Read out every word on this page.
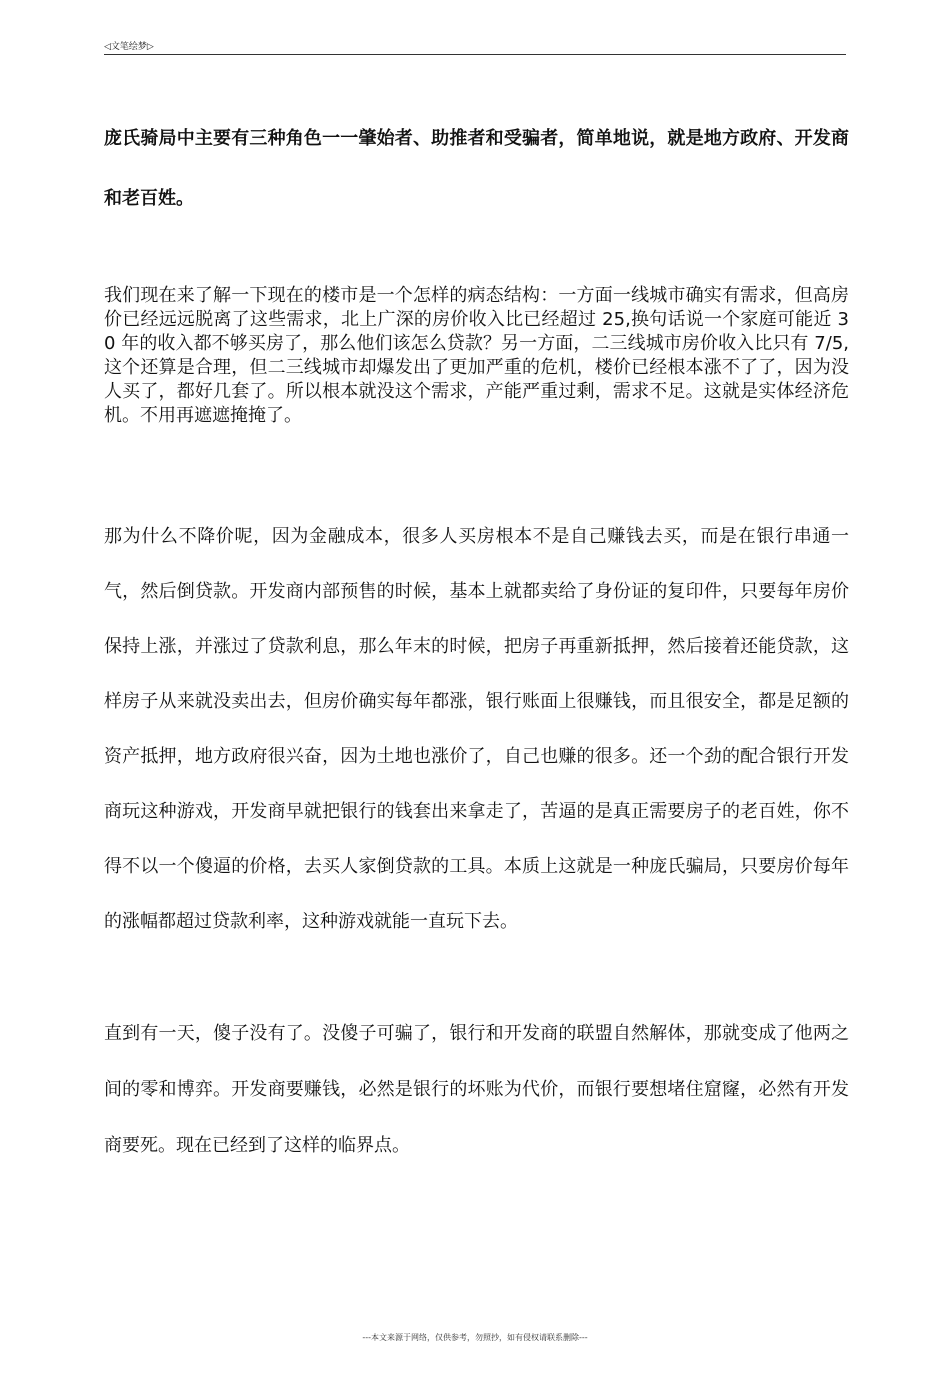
◁文笔绘梦▷

庞氏骑局中主要有三种角色一一肇始者、助推者和受骗者，简单地说，就是地方政府、开发商和老百姓。

我们现在来了解一下现在的楼市是一个怎样的病态结构：一方面一线城市确实有需求，但高房价已经远远脱离了这些需求，北上广深的房价收入比已经超过 25,换句话说一个家庭可能近 30 年的收入都不够买房了，那么他们该怎么贷款？另一方面，二三线城市房价收入比只有 7/5,这个还算是合理，但二三线城市却爆发出了更加严重的危机，楼价已经根本涨不了了，因为没人买了，都好几套了。所以根本就没这个需求，产能严重过剩，需求不足。这就是实体经济危机。不用再遮遮掩掩了。

那为什么不降价呢，因为金融成本，很多人买房根本不是自己赚钱去买，而是在银行串通一气，然后倒贷款。开发商内部预售的时候，基本上就都卖给了身份证的复印件，只要每年房价保持上涨，并涨过了贷款利息，那么年末的时候，把房子再重新抵押，然后接着还能贷款，这样房子从来就没卖出去，但房价确实每年都涨，银行账面上很赚钱，而且很安全，都是足额的资产抵押，地方政府很兴奋，因为土地也涨价了，自己也赚的很多。还一个劲的配合银行开发商玩这种游戏，开发商早就把银行的钱套出来拿走了，苦逼的是真正需要房子的老百姓，你不得不以一个傻逼的价格，去买人家倒贷款的工具。本质上这就是一种庞氏骗局，只要房价每年的涨幅都超过贷款利率，这种游戏就能一直玩下去。

直到有一天，傻子没有了。没傻子可骗了，银行和开发商的联盟自然解体，那就变成了他两之间的零和博弈。开发商要赚钱，必然是银行的坏账为代价，而银行要想堵住窟窿，必然有开发商要死。现在已经到了这样的临界点。

---本文来源于网络，仅供参考，勿照抄，如有侵权请联系删除---
